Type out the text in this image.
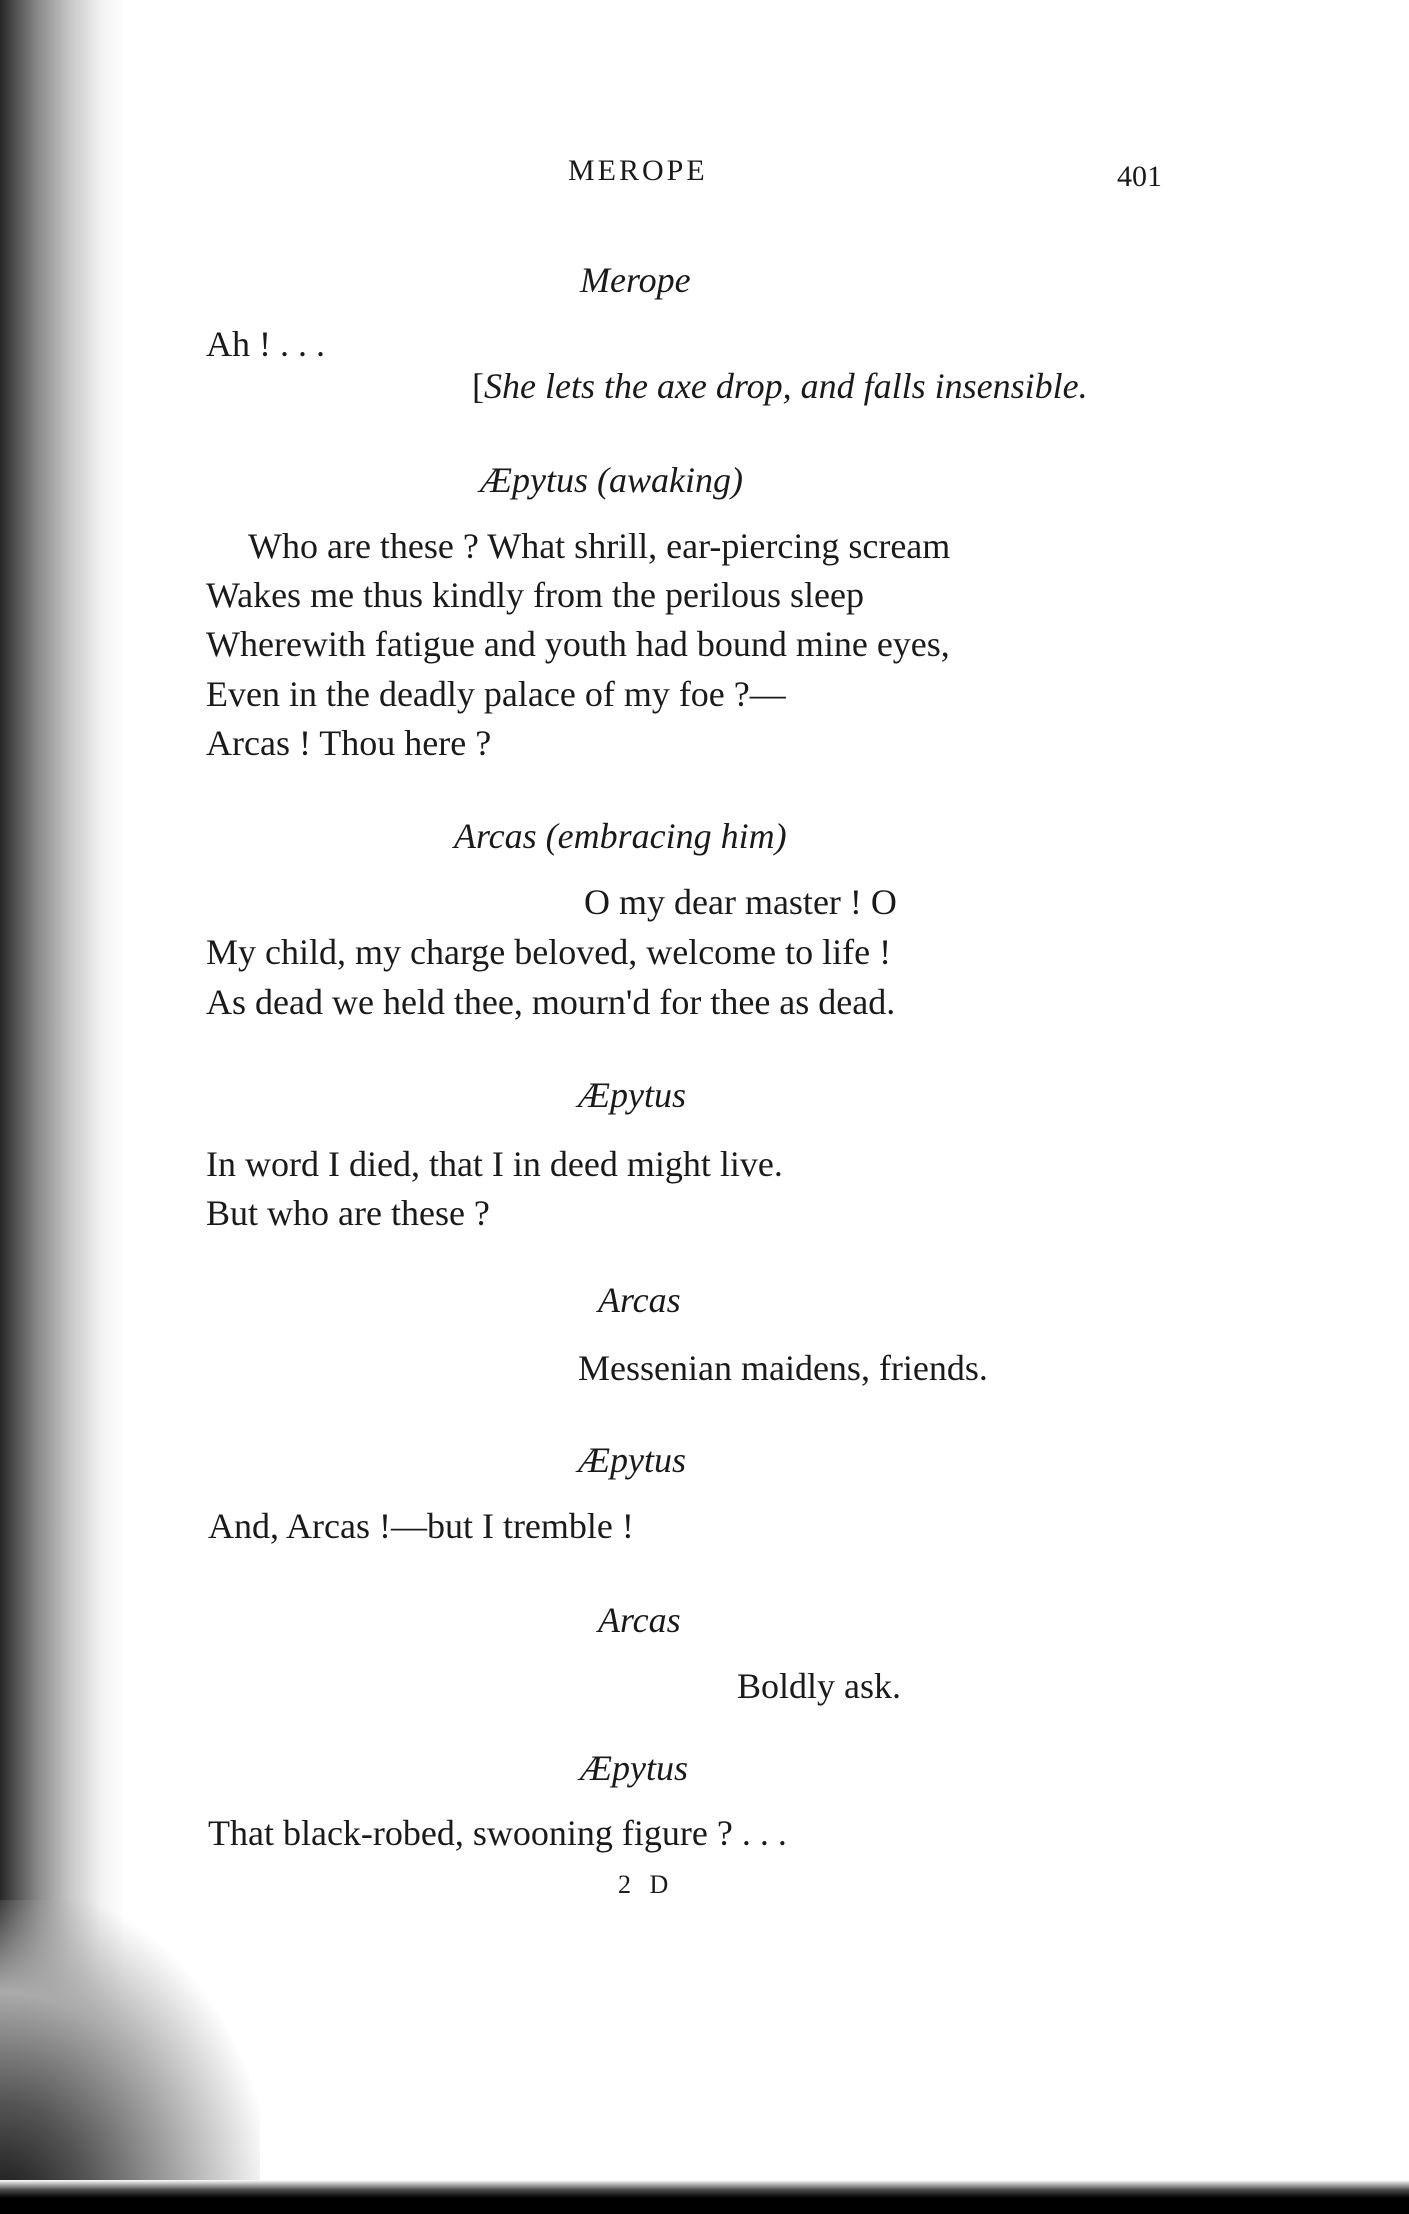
MEROPE	401
Merope
Ah ! . . .
[She lets the axe drop, and falls insensible.
Æpytus (awaking)
Who are these ? What shrill, ear-piercing scream
Wakes me thus kindly from the perilous sleep
Wherewith fatigue and youth had bound mine eyes,
Even in the deadly palace of my foe ?—
Arcas ! Thou here ?
Arcas (embracing him)
O my dear master ! O
My child, my charge beloved, welcome to life !
As dead we held thee, mourn'd for thee as dead.
Æpytus
In word I died, that I in deed might live.
But who are these ?
Arcas
Messenian maidens, friends.
Æpytus
And, Arcas !—but I tremble !
Arcas
Boldly ask.
Æpytus
That black-robed, swooning figure ? . . .
2 D
